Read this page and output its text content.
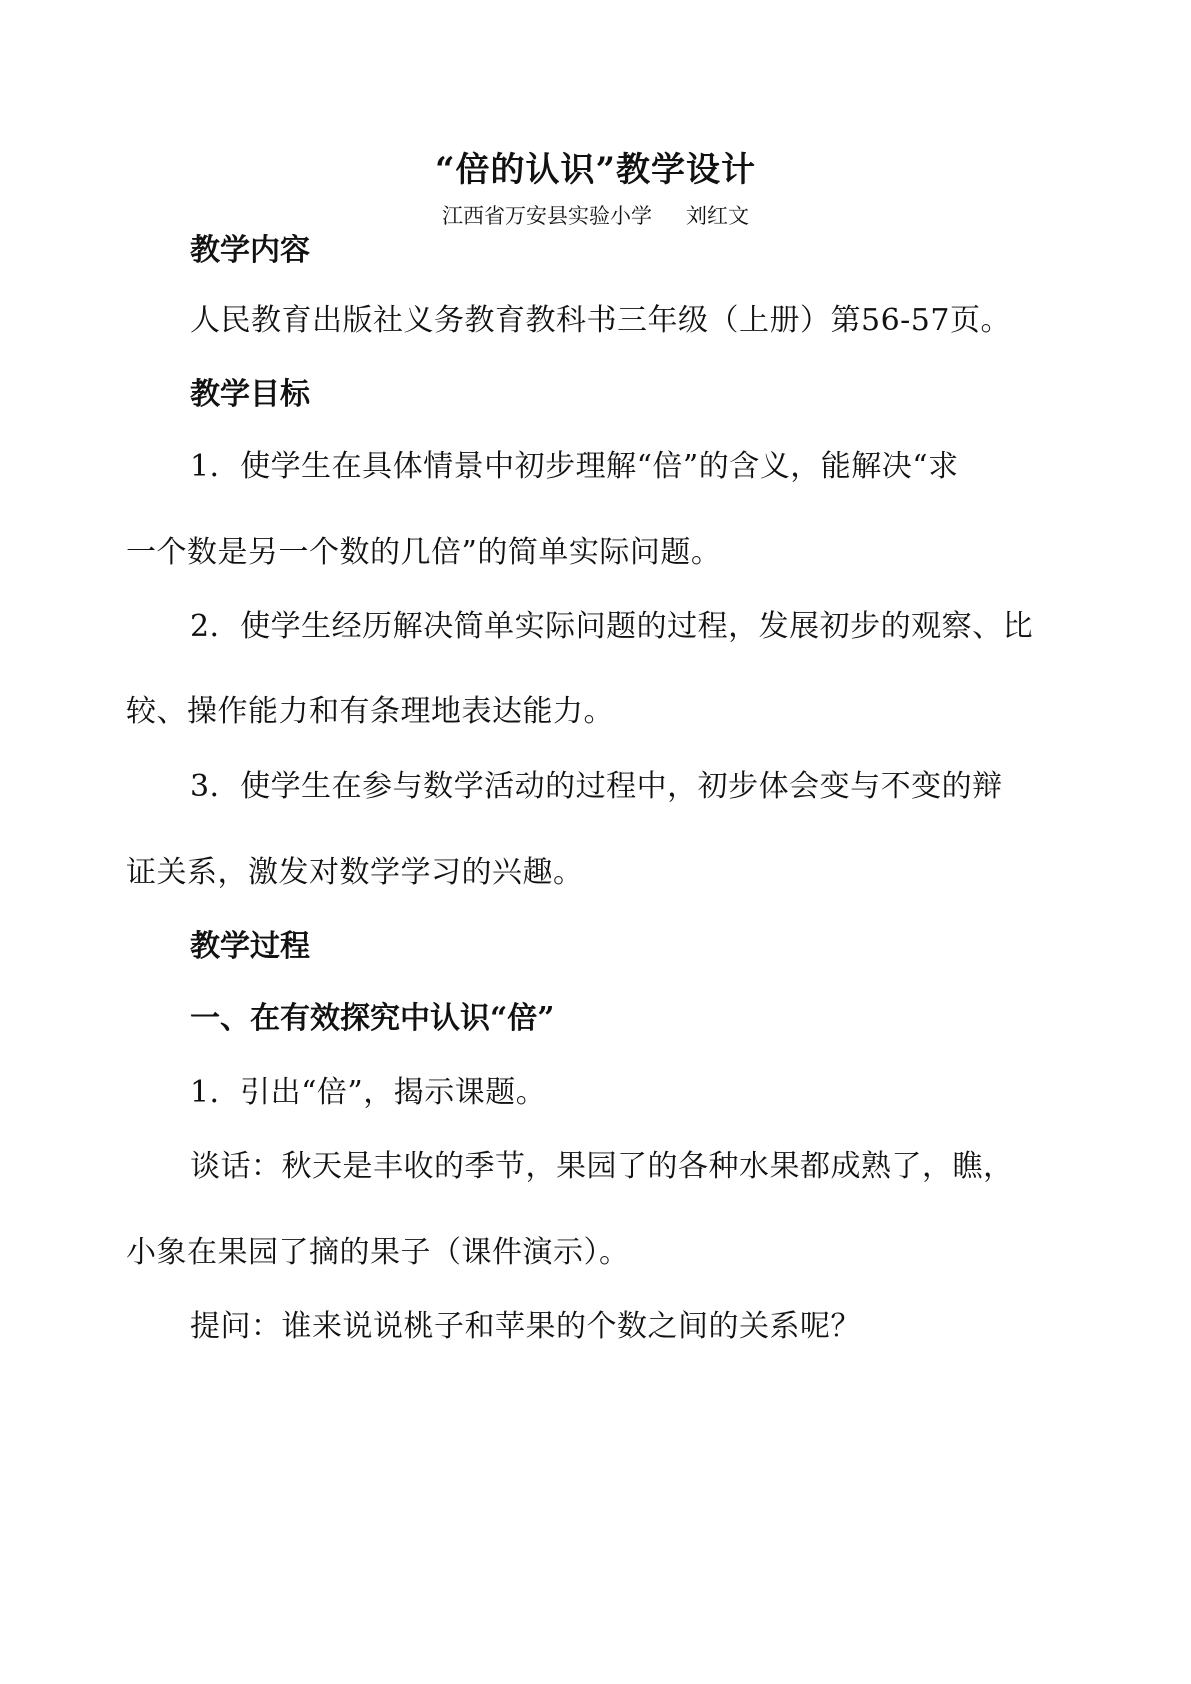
“倍的认识”教学设计
江西省万安县实验小学 刘红文
教学内容
人民教育出版社义务教育教科书三年级（上册）第56-57页。
教学目标
1．使学生在具体情景中初步理解“倍”的含义，能解决“求
一个数是另一个数的几倍”的简单实际问题。
2．使学生经历解决简单实际问题的过程，发展初步的观察、比
较、操作能力和有条理地表达能力。
3．使学生在参与数学活动的过程中，初步体会变与不变的辩
证关系，激发对数学学习的兴趣。
教学过程
一、在有效探究中认识“倍”
1．引出“倍”，揭示课题。
谈话：秋天是丰收的季节，果园了的各种水果都成熟了，瞧，
小象在果园了摘的果子（课件演示）。
提问：谁来说说桃子和苹果的个数之间的关系呢？
